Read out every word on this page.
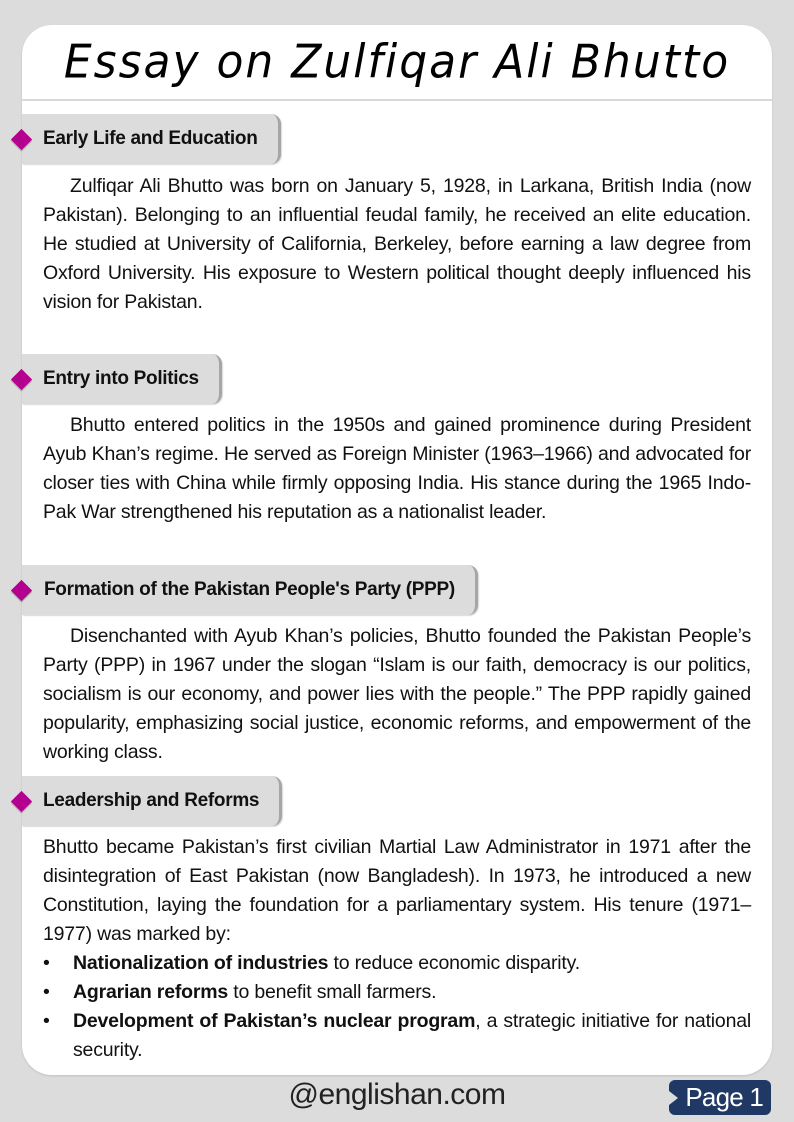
Essay on Zulfiqar Ali Bhutto
Early Life and Education

Zulfiqar Ali Bhutto was born on January 5, 1928, in Larkana, British India (now Pakistan). Belonging to an influential feudal family, he received an elite education. He studied at University of California, Berkeley, before earning a law degree from Oxford University. His exposure to Western political thought deeply influenced his vision for Pakistan.

Entry into Politics

Bhutto entered politics in the 1950s and gained prominence during President Ayub Khan’s regime. He served as Foreign Minister (1963–1966) and advocated for closer ties with China while firmly opposing India. His stance during the 1965 Indo-Pak War strengthened his reputation as a nationalist leader.

Formation of the Pakistan People's Party (PPP)

Disenchanted with Ayub Khan’s policies, Bhutto founded the Pakistan People’s Party (PPP) in 1967 under the slogan “Islam is our faith, democracy is our politics, socialism is our economy, and power lies with the people.” The PPP rapidly gained popularity, emphasizing social justice, economic reforms, and empowerment of the working class.

Leadership and Reforms

Bhutto became Pakistan’s first civilian Martial Law Administrator in 1971 after the disintegration of East Pakistan (now Bangladesh). In 1973, he introduced a new Constitution, laying the foundation for a parliamentary system. His tenure (1971–1977) was marked by:

• Nationalization of industries to reduce economic disparity.
• Agrarian reforms to benefit small farmers.
• Development of Pakistan’s nuclear program, a strategic initiative for national security.
@englishan.com	Page 1
